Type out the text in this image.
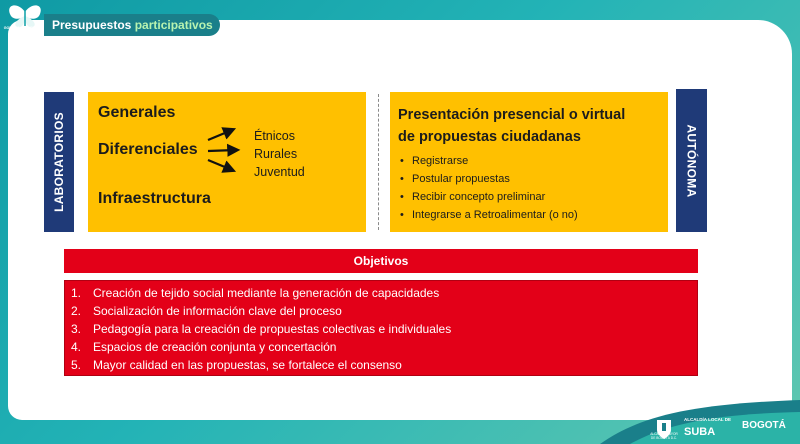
GOBIERNO ABIERTO DE BOGOTÁ	Presupuestos participativos
LABORATORIOS Generales
Diferenciales
Infraestructura
Étnicos
Rurales
Juventud
Presentación presencial o virtual
de propuestas ciudadanas
• Registrarse
• Postular propuestas
• Recibir concepto preliminar
• Integrarse a Retroalimentar (o no)
AUTÓNOMA
Objetivos
1. Creación de tejido social mediante la generación de capacidades
2. Socialización de información clave del proceso
3. Pedagogía para la creación de propuestas colectivas e individuales
4. Espacios de creación conjunta y concertación
5. Mayor calidad en las propuestas, se fortalece el consenso
ALCALDÍA MAYOR DE BOGOTÁ D.C.
ALCALDÍA LOCAL DE
SUBA
BOGOTÁ
